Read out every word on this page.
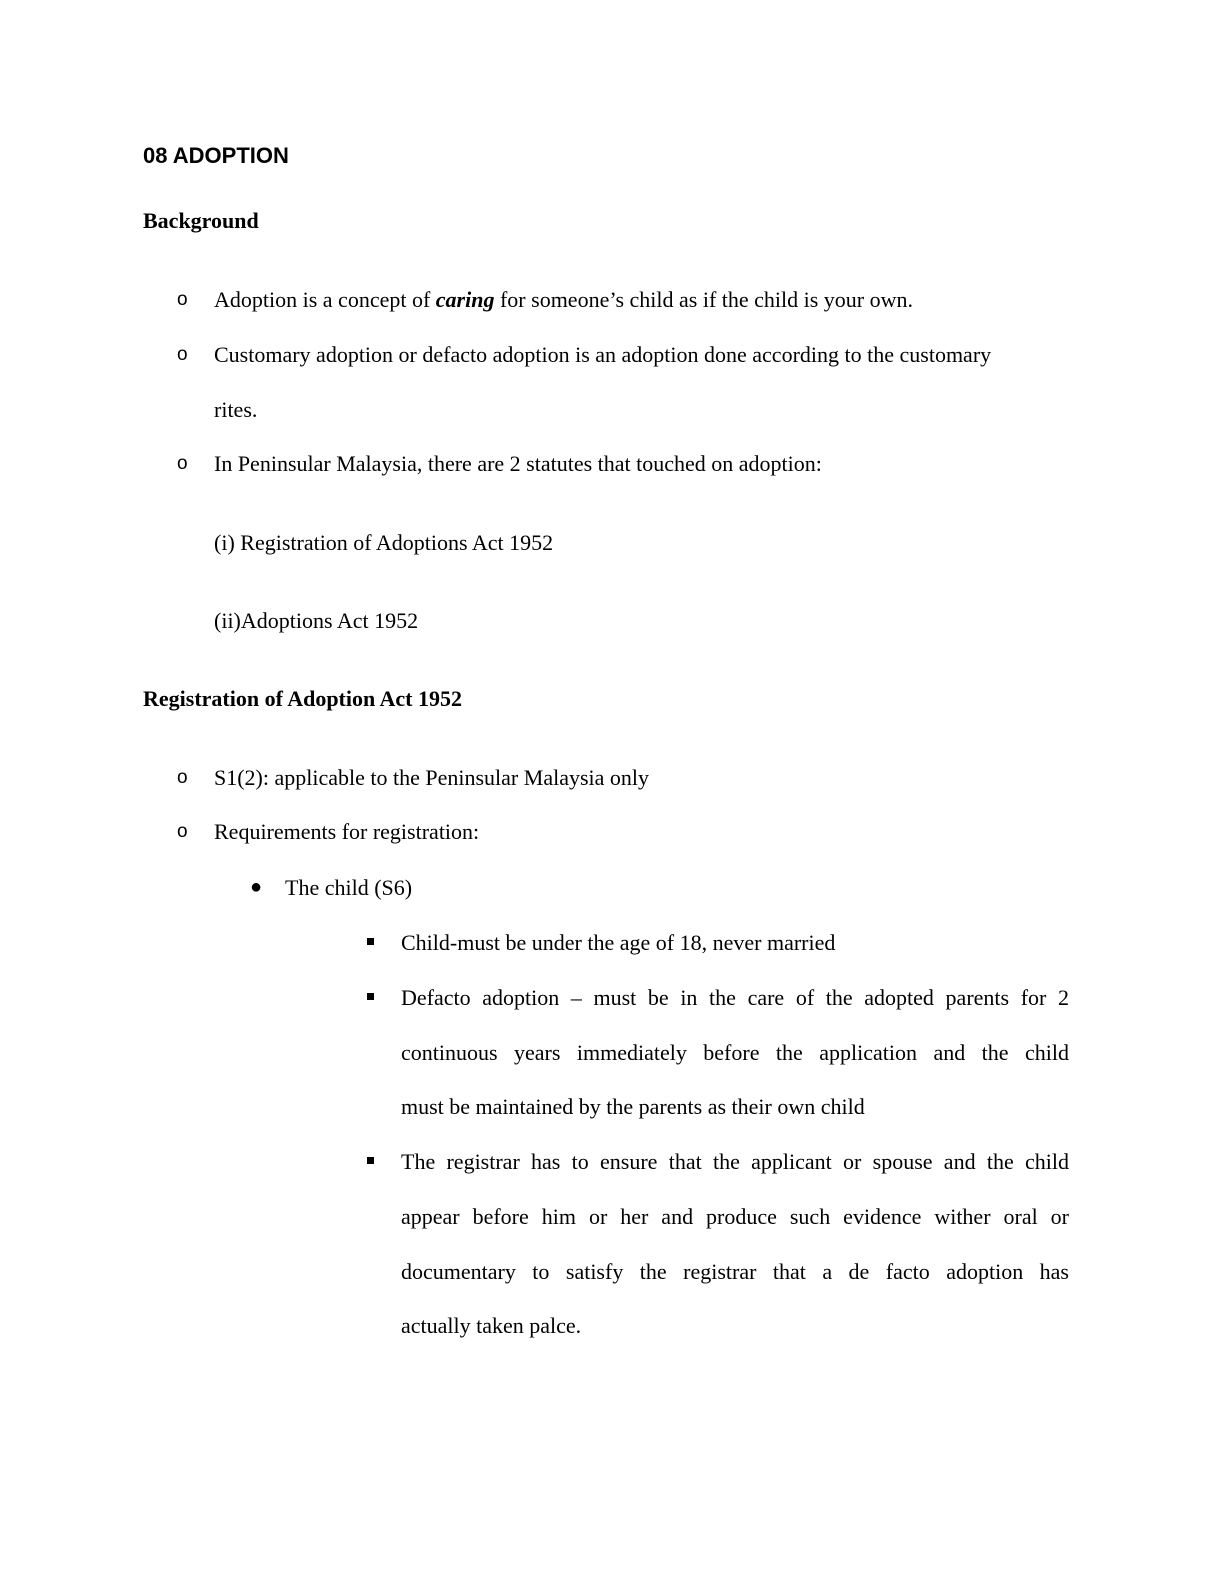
08 ADOPTION
Background
o Adoption is a concept of caring for someone’s child as if the child is your own.
o Customary adoption or defacto adoption is an adoption done according to the customary
rites.
o In Peninsular Malaysia, there are 2 statutes that touched on adoption:
(i) Registration of Adoptions Act 1952
(ii)Adoptions Act 1952
Registration of Adoption Act 1952
o S1(2): applicable to the Peninsular Malaysia only
o Requirements for registration:
● The child (S6)
Child-must be under the age of 18, never married
Defacto adoption – must be in the care of the adopted parents for 2
continuous years immediately before the application and the child
must be maintained by the parents as their own child
The registrar has to ensure that the applicant or spouse and the child
appear before him or her and produce such evidence wither oral or
documentary to satisfy the registrar that a de facto adoption has
actually taken palce.
